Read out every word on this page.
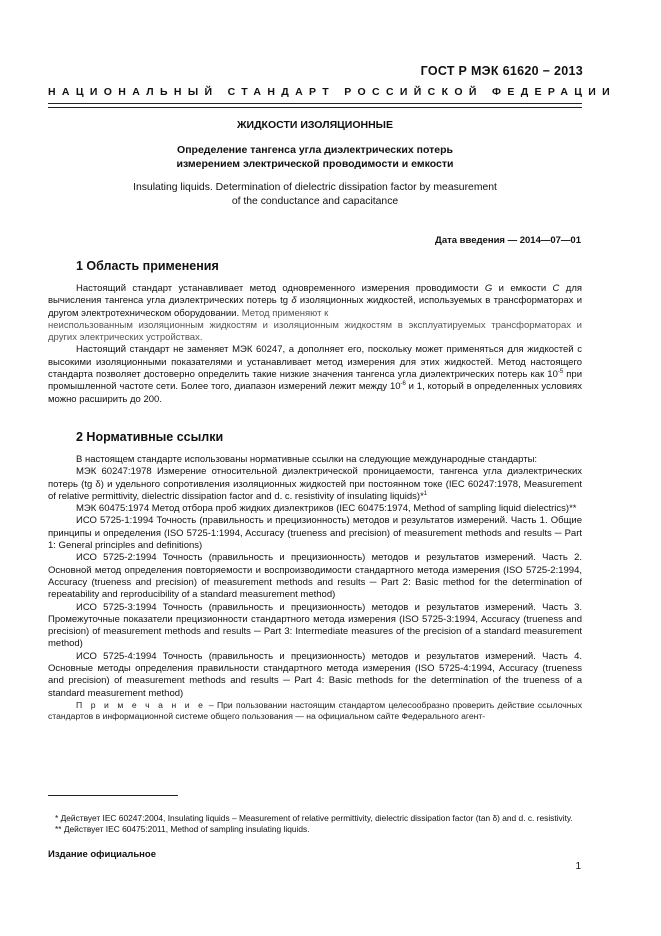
ГОСТ Р МЭК 61620 − 2013
НАЦИОНАЛЬНЫЙ СТАНДАРТ РОССИЙСКОЙ ФЕДЕРАЦИИ
ЖИДКОСТИ ИЗОЛЯЦИОННЫЕ
Определение тангенса угла диэлектрических потерь
измерением электрической проводимости и емкости
Insulating liquids. Determination of dielectric dissipation factor by measurement
of the conductance and capacitance
Дата введения — 2014—07—01
1 Область применения

Настоящий стандарт устанавливает метод одновременного измерения проводимости G и емкости C для вычисления тангенса угла диэлектрических потерь tg δ изоляционных жидкостей, используемых в трансформаторах и другом электротехническом оборудовании. Метод применяют к

неиспользованным изоляционным жидкостям и изоляционным жидкостям в эксплуатируемых трансформаторах и других электрических устройствах.

Настоящий стандарт не заменяет МЭК 60247, а дополняет его, поскольку может применяться для жидкостей с высокими изоляционными показателями и устанавливает метод измерения для этих жидкостей. Метод настоящего стандарта позволяет достоверно определить такие низкие значения тангенса угла диэлектрических потерь как $10^{-5}$ при промышленной частоте сети. Более того, диапазон измерений лежит между $10^{-6}$ и 1, который в определенных условиях можно расширить до 200.

2 Нормативные ссылки

В настоящем стандарте использованы нормативные ссылки на следующие международные стандарты:

МЭК 60247:1978 Измерение относительной диэлектрической проницаемости, тангенса угла диэлектрических потерь (tg δ) и удельного сопротивления изоляционных жидкостей при постоянном токе (IEC 60247:1978, Measurement of relative permittivity, dielectric dissipation factor and d. c. resistivity of insulating liquids)*$^1$

МЭК 60475:1974 Метод отбора проб жидких диэлектриков (IEC 60475:1974, Method of sampling liquid dielectrics)**

ИСО 5725-1:1994 Точность (правильность и прецизионность) методов и результатов измерений. Часть 1. Общие принципы и определения (ISO 5725-1:1994, Accuracy (trueness and precision) of measurement methods and results ─ Part 1: General principles and definitions)

ИСО 5725-2:1994 Точность (правильность и прецизионность) методов и результатов измерений. Часть 2. Основной метод определения повторяемости и воспроизводимости стандартного метода измерения (ISO 5725-2:1994, Accuracy (trueness and precision) of measurement methods and results ─ Part 2: Basic method for the determination of repeatability and reproducibility of a standard measurement method)

ИСО 5725-3:1994 Точность (правильность и прецизионность) методов и результатов измерений. Часть 3. Промежуточные показатели прецизионности стандартного метода измерения (ISO 5725-3:1994, Accuracy (trueness and precision) of measurement methods and results ─ Part 3: Intermediate measures of the precision of a standard measurement method)

ИСО 5725-4:1994 Точность (правильность и прецизионность) методов и результатов измерений. Часть 4. Основные методы определения правильности стандартного метода измерения (ISO 5725-4:1994, Accuracy (trueness and precision) of measurement methods and results ─ Part 4: Basic methods for the determination of the trueness of a standard measurement method)

П р и м е ч а н и е – При пользовании настоящим стандартом целесообразно проверить действие ссылочных стандартов в информационной системе общего пользования — на официальном сайте Федерального агент-

* Действует IEC 60247:2004, Insulating liquids – Measurement of relative permittivity, dielectric dissipation factor (tan δ) and d. c. resistivity.

** Действует IEC 60475:2011, Method of sampling insulating liquids.

Издание официальное
1
